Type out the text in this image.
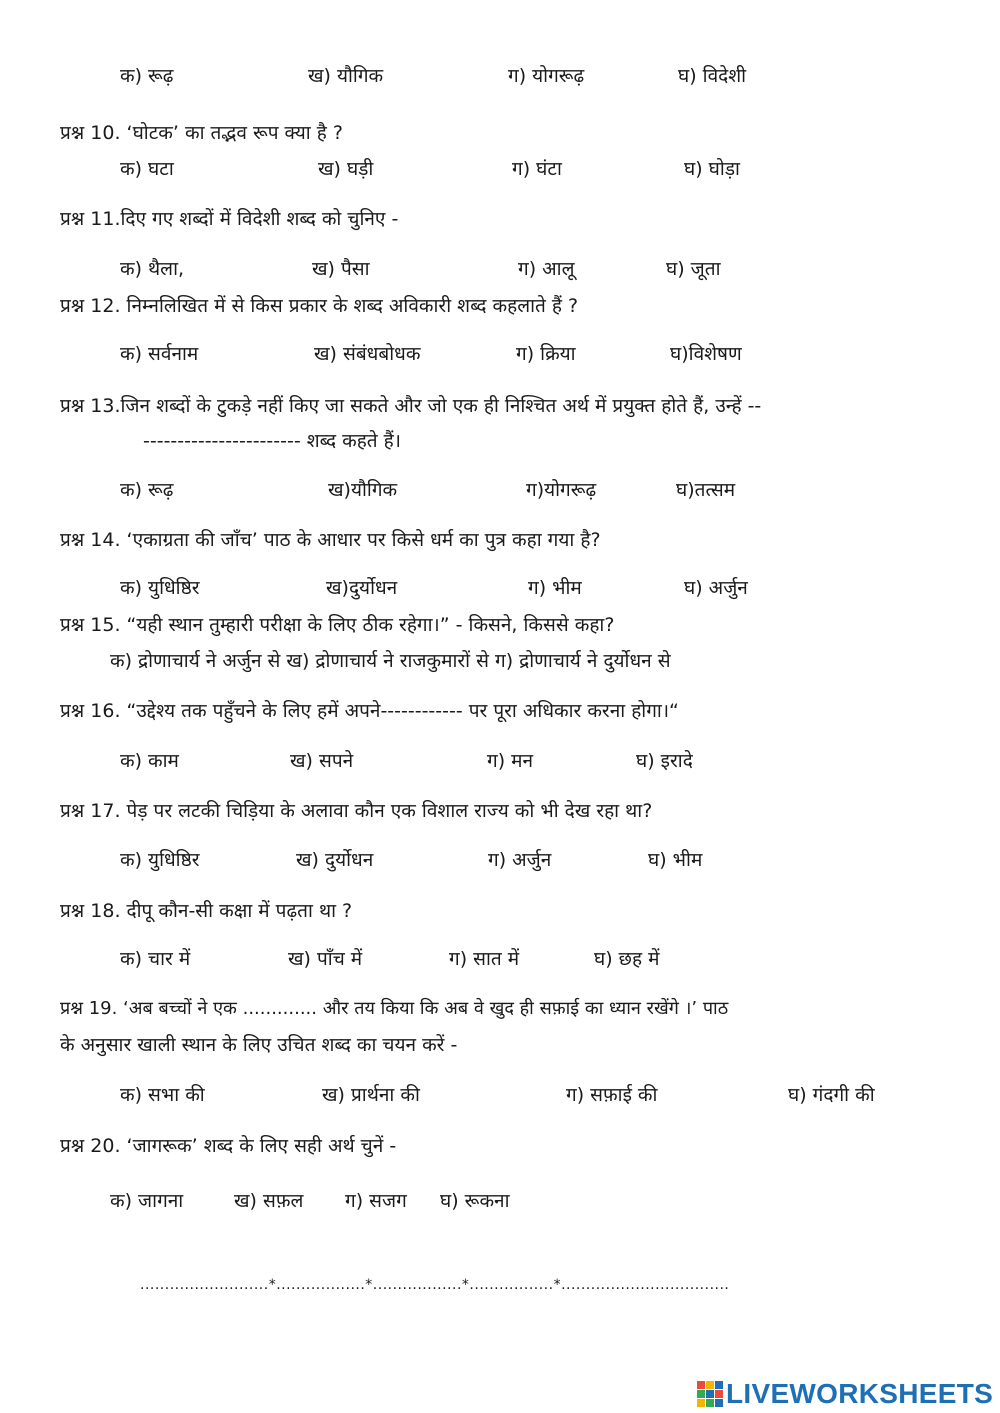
क) रूढ़	ख) यौगिक	ग) योगरूढ़	घ) विदेशी
प्रश्न 10. ‘घोटक’ का तद्भव रूप क्या है ?
क) घटा	ख) घड़ी	ग) घंटा	घ) घोड़ा
प्रश्न 11.दिए गए शब्दों में विदेशी शब्द को चुनिए -
क) थैला,	ख) पैसा	ग) आलू	घ) जूता
प्रश्न 12. निम्नलिखित में से किस प्रकार के शब्द अविकारी शब्द कहलाते हैं ?
क) सर्वनाम	ख) संबंधबोधक	ग) क्रिया	घ)विशेषण
प्रश्न 13.जिन शब्दों के टुकड़े नहीं किए जा सकते और जो एक ही निश्चित अर्थ में प्रयुक्त होते हैं, उन्हें --
----------------------- शब्द कहते हैं।
क) रूढ़	ख)यौगिक	ग)योगरूढ़	घ)तत्सम
प्रश्न 14. ‘एकाग्रता की जाँच’ पाठ के आधार पर किसे धर्म का पुत्र कहा गया है?
क) युधिष्ठिर	ख)दुर्योधन	ग) भीम	घ) अर्जुन
प्रश्न 15. “यही स्थान तुम्हारी परीक्षा के लिए ठीक रहेगा।” - किसने, किससे कहा?
क) द्रोणाचार्य ने अर्जुन से ख) द्रोणाचार्य ने राजकुमारों से ग) द्रोणाचार्य ने दुर्योधन से
प्रश्न 16. “उद्देश्य तक पहुँचने के लिए हमें अपने------------ पर पूरा अधिकार करना होगा।“
क) काम	ख) सपने	ग) मन	घ) इरादे
प्रश्न 17. पेड़ पर लटकी चिड़िया के अलावा कौन एक विशाल राज्य को भी देख रहा था?
क) युधिष्ठिर	ख) दुर्योधन	ग) अर्जुन	घ) भीम
प्रश्न 18. दीपू कौन-सी कक्षा में पढ़ता था ?
क) चार में	ख) पाँच में	ग) सात में	घ) छह में
प्रश्न 19. ‘अब बच्चों ने एक ............. और तय किया कि अब वे खुद ही सफ़ाई का ध्यान रखेंगे ।’ पाठ
के अनुसार खाली स्थान के लिए उचित शब्द का चयन करें -
क) सभा की	ख) प्रार्थना की	ग) सफ़ाई की	घ) गंदगी की
प्रश्न 20. ‘जागरूक’ शब्द के लिए सही अर्थ चुनें -
क) जागना	ख) सफ़ल ग) सजग घ) रूकना
..........................*..................*..................*.................*..................................
LIVEWORKSHEETS
